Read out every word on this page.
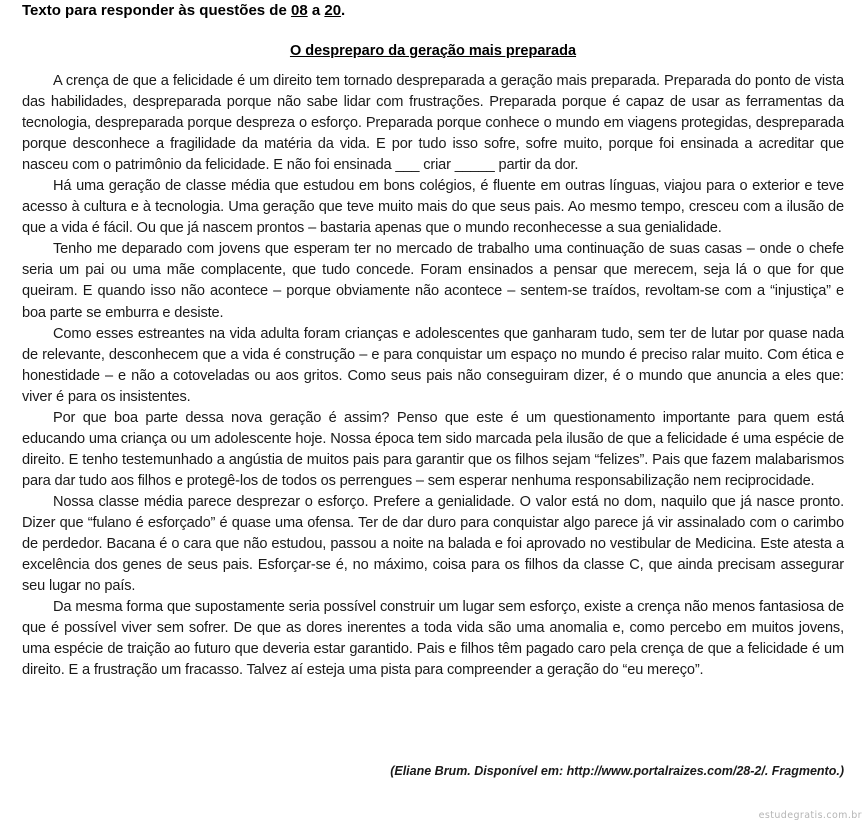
Texto para responder às questões de 08 a 20.
O despreparo da geração mais preparada

A crença de que a felicidade é um direito tem tornado despreparada a geração mais preparada. Preparada do ponto de vista das habilidades, despreparada porque não sabe lidar com frustrações. Preparada porque é capaz de usar as ferramentas da tecnologia, despreparada porque despreza o esforço. Preparada porque conhece o mundo em viagens protegidas, despreparada porque desconhece a fragilidade da matéria da vida. E por tudo isso sofre, sofre muito, porque foi ensinada a acreditar que nasceu com o patrimônio da felicidade. E não foi ensinada ___ criar _____ partir da dor.

Há uma geração de classe média que estudou em bons colégios, é fluente em outras línguas, viajou para o exterior e teve acesso à cultura e à tecnologia. Uma geração que teve muito mais do que seus pais. Ao mesmo tempo, cresceu com a ilusão de que a vida é fácil. Ou que já nascem prontos – bastaria apenas que o mundo reconhecesse a sua genialidade.

Tenho me deparado com jovens que esperam ter no mercado de trabalho uma continuação de suas casas – onde o chefe seria um pai ou uma mãe complacente, que tudo concede. Foram ensinados a pensar que merecem, seja lá o que for que queiram. E quando isso não acontece – porque obviamente não acontece – sentem-se traídos, revoltam-se com a “injustiça” e boa parte se emburra e desiste.

Como esses estreantes na vida adulta foram crianças e adolescentes que ganharam tudo, sem ter de lutar por quase nada de relevante, desconhecem que a vida é construção – e para conquistar um espaço no mundo é preciso ralar muito. Com ética e honestidade – e não a cotoveladas ou aos gritos. Como seus pais não conseguiram dizer, é o mundo que anuncia a eles que: viver é para os insistentes.

Por que boa parte dessa nova geração é assim? Penso que este é um questionamento importante para quem está educando uma criança ou um adolescente hoje. Nossa época tem sido marcada pela ilusão de que a felicidade é uma espécie de direito. E tenho testemunhado a angústia de muitos pais para garantir que os filhos sejam “felizes”. Pais que fazem malabarismos para dar tudo aos filhos e protegê-los de todos os perrengues – sem esperar nenhuma responsabilização nem reciprocidade.

Nossa classe média parece desprezar o esforço. Prefere a genialidade. O valor está no dom, naquilo que já nasce pronto. Dizer que “fulano é esforçado” é quase uma ofensa. Ter de dar duro para conquistar algo parece já vir assinalado com o carimbo de perdedor. Bacana é o cara que não estudou, passou a noite na balada e foi aprovado no vestibular de Medicina. Este atesta a excelência dos genes de seus pais. Esforçar-se é, no máximo, coisa para os filhos da classe C, que ainda precisam assegurar seu lugar no país.

Da mesma forma que supostamente seria possível construir um lugar sem esforço, existe a crença não menos fantasiosa de que é possível viver sem sofrer. De que as dores inerentes a toda vida são uma anomalia e, como percebo em muitos jovens, uma espécie de traição ao futuro que deveria estar garantido. Pais e filhos têm pagado caro pela crença de que a felicidade é um direito. E a frustração um fracasso. Talvez aí esteja uma pista para compreender a geração do “eu mereço”.

(Eliane Brum. Disponível em: http://www.portalraizes.com/28-2/. Fragmento.)
estudegratis.com.br
